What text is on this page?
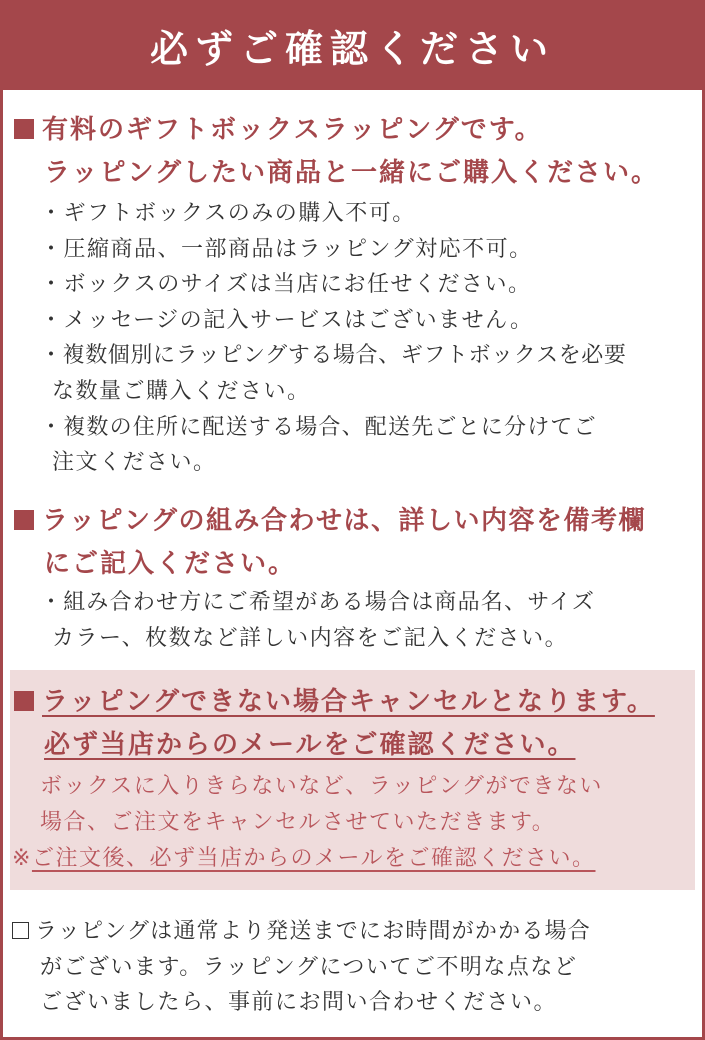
必ずご確認ください
有料のギフトボックスラッピングです。
ラッピングしたい商品と一緒にご購入ください。
・ギフトボックスのみの購入不可。
・圧縮商品、一部商品はラッピング対応不可。
・ボックスのサイズは当店にお任せください。
・メッセージの記入サービスはございません。
・複数個別にラッピングする場合、ギフトボックスを必要
な数量ご購入ください。
・複数の住所に配送する場合、配送先ごとに分けてご
注文ください。
ラッピングの組み合わせは、詳しい内容を備考欄
にご記入ください。
・組み合わせ方にご希望がある場合は商品名、サイズ
カラー、枚数など詳しい内容をご記入ください。
ラッピングできない場合キャンセルとなります。
必ず当店からのメールをご確認ください。
ボックスに入りきらないなど、ラッピングができない
場合、ご注文をキャンセルさせていただきます。
※ご注文後、必ず当店からのメールをご確認ください。
ラッピングは通常より発送までにお時間がかかる場合
がございます。ラッピングについてご不明な点など
ございましたら、事前にお問い合わせください。
